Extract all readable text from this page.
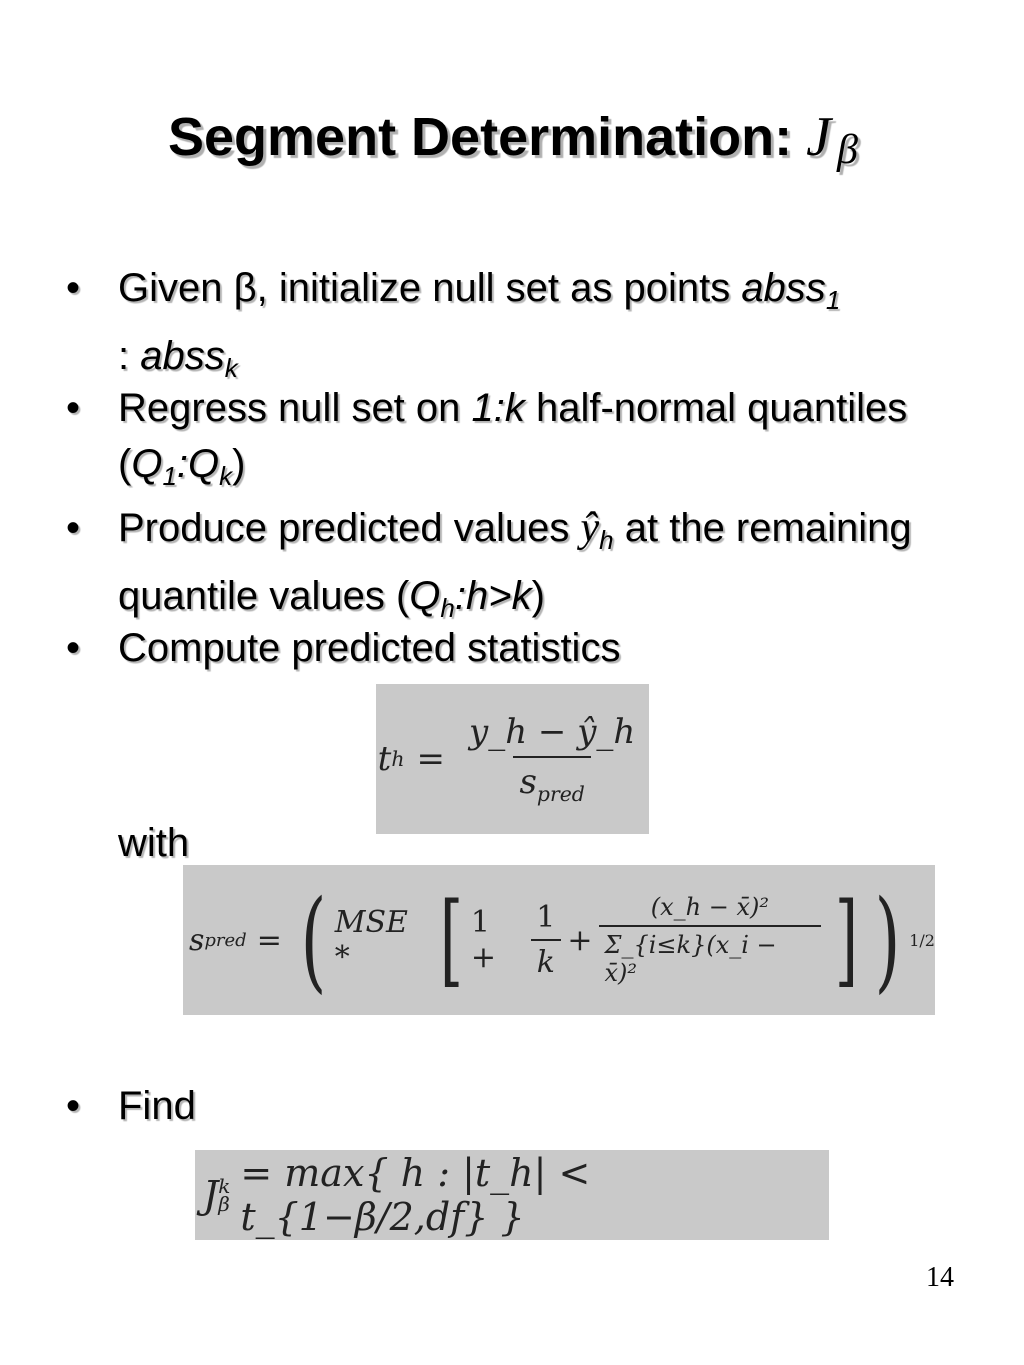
Segment Determination: J $_\beta$
• Given β, initialize null set as points abss$_1$
: abss$_k$
• Regress null set on 1:k half-normal quantiles $(Q_1:Q_k)$
• Produce predicted values $ŷ_h$ at the remaining quantile values $(Q_h:h>k)$
• Compute predicted statistics
• Find
t $h = \frac{y\_h - ŷ\_h}{s_{pred}}$
with
s pred = ( MSE * [ 1 +	$\frac{1}{k} + \frac{\text{(x\_h − x̄)²}}{\text{Σ\_\{i≤k\}(x\_i − x̄)²}}$ ] ) 1/2
J k
β
= max{ h : |t_h| < t_{1−β/2,df} }
14
